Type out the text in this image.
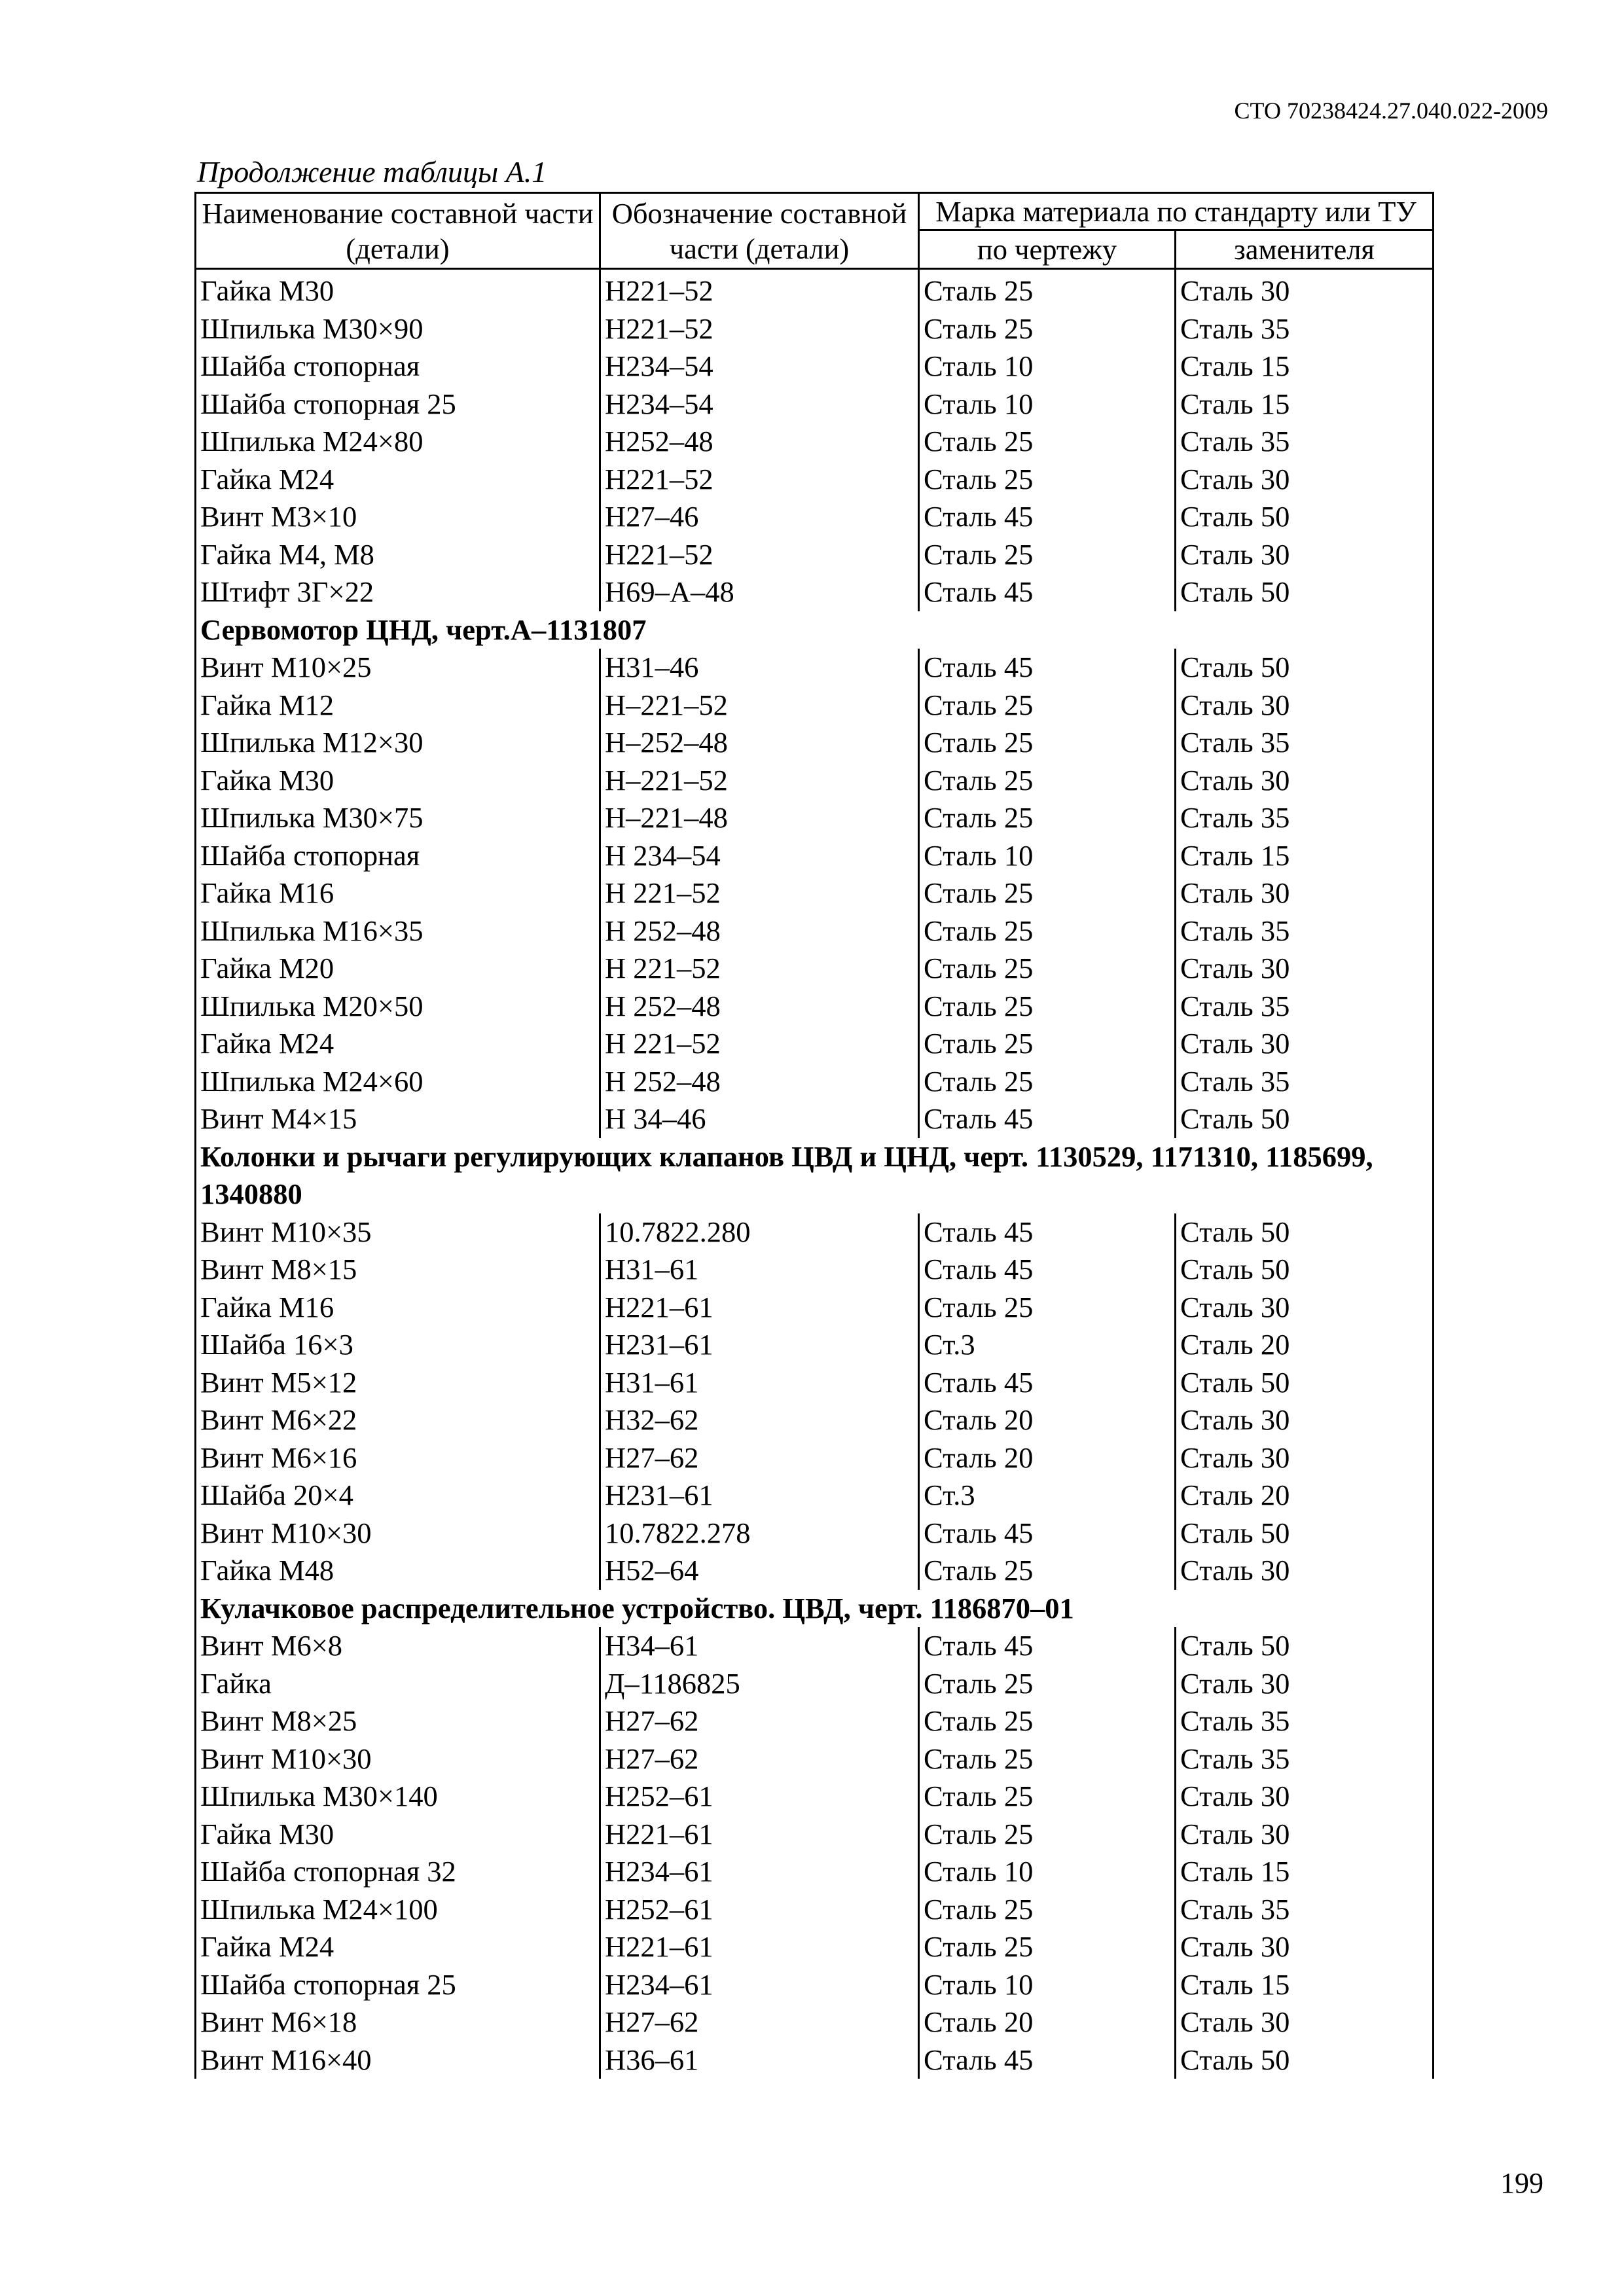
СТО 70238424.27.040.022-2009
Продолжение таблицы А.1
Наименование составной части (детали)	Обозначение составной части (детали)	Марка материала по стандарту или ТУ	
		по чертежу	заменителя
Гайка М30	Н221–52	Сталь 25	Сталь 30
Шпилька М30×90	Н221–52	Сталь 25	Сталь 35
Шайба стопорная	Н234–54	Сталь 10	Сталь 15
Шайба стопорная 25	Н234–54	Сталь 10	Сталь 15
Шпилька М24×80	Н252–48	Сталь 25	Сталь 35
Гайка М24	Н221–52	Сталь 25	Сталь 30
Винт М3×10	Н27–46	Сталь 45	Сталь 50
Гайка М4, М8	Н221–52	Сталь 25	Сталь 30
Штифт 3Г×22	Н69–А–48	Сталь 45	Сталь 50
Сервомотор ЦНД, черт.А–1131807			
Винт М10×25	Н31–46	Сталь 45	Сталь 50
Гайка М12	Н–221–52	Сталь 25	Сталь 30
Шпилька М12×30	Н–252–48	Сталь 25	Сталь 35
Гайка М30	Н–221–52	Сталь 25	Сталь 30
Шпилька М30×75	Н–221–48	Сталь 25	Сталь 35
Шайба стопорная	Н 234–54	Сталь 10	Сталь 15
Гайка М16	Н 221–52	Сталь 25	Сталь 30
Шпилька М16×35	Н 252–48	Сталь 25	Сталь 35
Гайка М20	Н 221–52	Сталь 25	Сталь 30
Шпилька М20×50	Н 252–48	Сталь 25	Сталь 35
Гайка М24	Н 221–52	Сталь 25	Сталь 30
Шпилька М24×60	Н 252–48	Сталь 25	Сталь 35
Винт М4×15	Н 34–46	Сталь 45	Сталь 50
Колонки и рычаги регулирующих клапанов ЦВД и ЦНД, черт. 1130529, 1171310, 1185699, 1340880			
Винт М10×35	10.7822.280	Сталь 45	Сталь 50
Винт М8×15	Н31–61	Сталь 45	Сталь 50
Гайка М16	Н221–61	Сталь 25	Сталь 30
Шайба 16×3	Н231–61	Ст.3	Сталь 20
Винт М5×12	Н31–61	Сталь 45	Сталь 50
Винт М6×22	Н32–62	Сталь 20	Сталь 30
Винт М6×16	Н27–62	Сталь 20	Сталь 30
Шайба 20×4	Н231–61	Ст.3	Сталь 20
Винт М10×30	10.7822.278	Сталь 45	Сталь 50
Гайка М48	Н52–64	Сталь 25	Сталь 30
Кулачковое распределительное устройство. ЦВД, черт. 1186870–01			
Винт М6×8	Н34–61	Сталь 45	Сталь 50
Гайка	Д–1186825	Сталь 25	Сталь 30
Винт М8×25	Н27–62	Сталь 25	Сталь 35
Винт М10×30	Н27–62	Сталь 25	Сталь 35
Шпилька М30×140	Н252–61	Сталь 25	Сталь 30
Гайка М30	Н221–61	Сталь 25	Сталь 30
Шайба стопорная 32	Н234–61	Сталь 10	Сталь 15
Шпилька М24×100	Н252–61	Сталь 25	Сталь 35
Гайка М24	Н221–61	Сталь 25	Сталь 30
Шайба стопорная 25	Н234–61	Сталь 10	Сталь 15
Винт М6×18	Н27–62	Сталь 20	Сталь 30
Винт М16×40	Н36–61	Сталь 45	Сталь 50
199
